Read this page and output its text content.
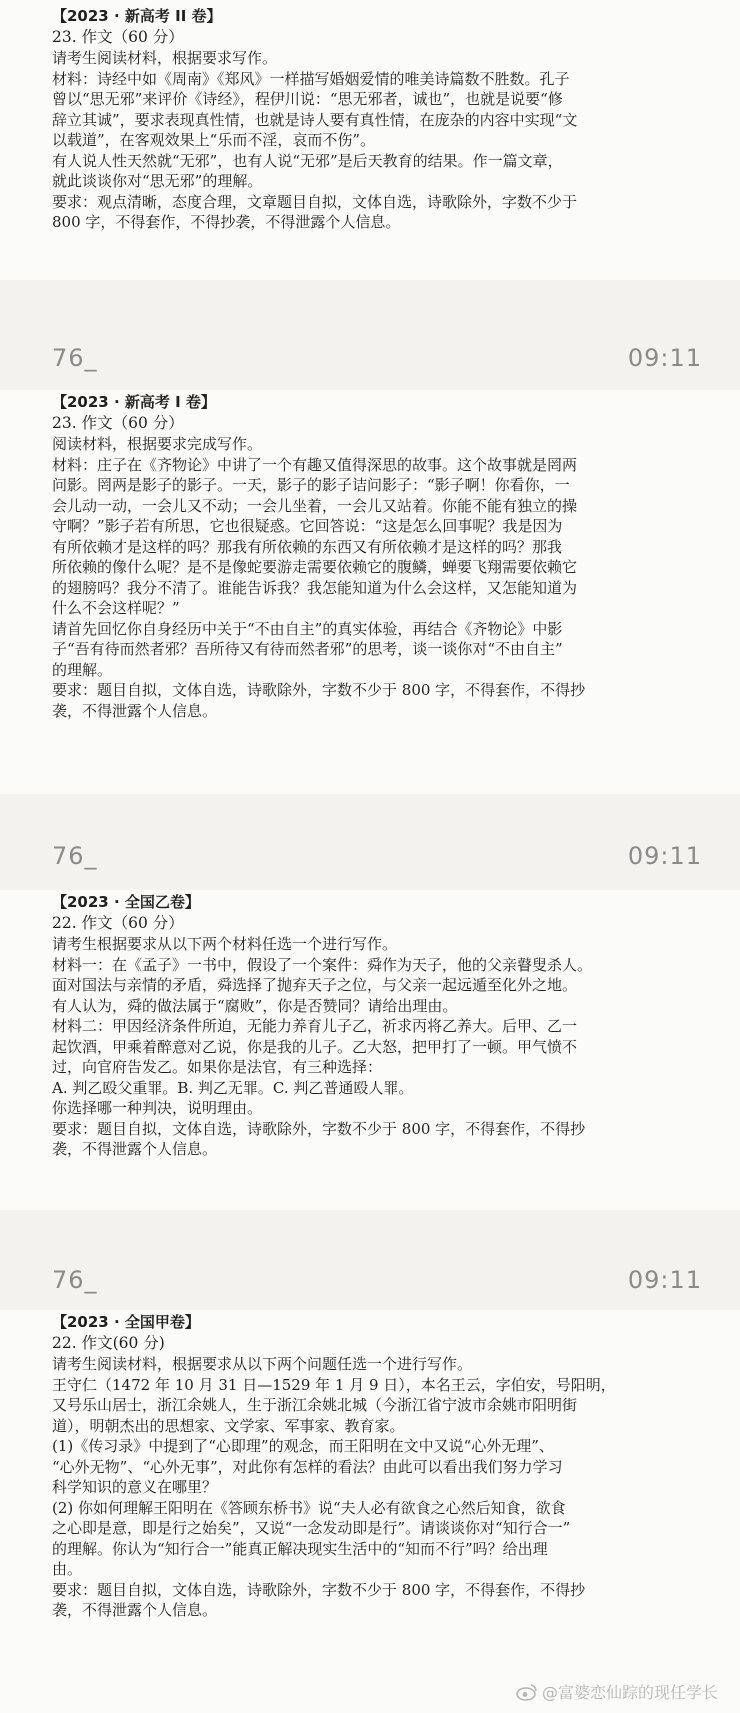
【2023 · 新高考 II 卷】
23. 作文（60 分）
请考生阅读材料，根据要求写作。
材料：诗经中如《周南》《郑风》一样描写婚姻爱情的唯美诗篇数不胜数。孔子
曾以“思无邪”来评价《诗经》，程伊川说：“思无邪者，诚也”，也就是说要“修
辞立其诚”，要求表现真性情，也就是诗人要有真性情，在庞杂的内容中实现“文
以载道”，在客观效果上“乐而不淫，哀而不伤”。
有人说人性天然就“无邪”，也有人说“无邪”是后天教育的结果。作一篇文章，
就此谈谈你对“思无邪”的理解。
要求：观点清晰，态度合理，文章题目自拟，文体自选，诗歌除外，字数不少于
800 字，不得套作，不得抄袭，不得泄露个人信息。
76_	09:11
【2023 · 新高考 I 卷】
23. 作文（60 分）
阅读材料，根据要求完成写作。
材料：庄子在《齐物论》中讲了一个有趣又值得深思的故事。这个故事就是罔两
问影。罔两是影子的影子。一天，影子的影子诘问影子：“影子啊！你看你，一
会儿动一动，一会儿又不动；一会儿坐着，一会儿又站着。你能不能有独立的操
守啊？”影子若有所思，它也很疑惑。它回答说：“这是怎么回事呢？我是因为
有所依赖才是这样的吗？那我有所依赖的东西又有所依赖才是这样的吗？那我
所依赖的像什么呢？是不是像蛇要游走需要依赖它的腹鳞，蝉要飞翔需要依赖它
的翅膀吗？我分不清了。谁能告诉我？我怎能知道为什么会这样，又怎能知道为
什么不会这样呢？”
请首先回忆你自身经历中关于“不由自主”的真实体验，再结合《齐物论》中影
子“吾有待而然者邪？吾所待又有待而然者邪”的思考，谈一谈你对“不由自主”
的理解。
要求：题目自拟，文体自选，诗歌除外，字数不少于 800 字，不得套作，不得抄
袭，不得泄露个人信息。
76_	09:11
【2023 · 全国乙卷】
22. 作文（60 分）
请考生根据要求从以下两个材料任选一个进行写作。
材料一：在《孟子》一书中，假设了一个案件：舜作为天子，他的父亲瞽叟杀人。
面对国法与亲情的矛盾，舜选择了抛弃天子之位，与父亲一起远遁至化外之地。
有人认为，舜的做法属于“腐败”，你是否赞同？请给出理由。
材料二：甲因经济条件所迫，无能力养育儿子乙，祈求丙将乙养大。后甲、乙一
起饮酒，甲乘着醉意对乙说，你是我的儿子。乙大怒，把甲打了一顿。甲气愤不
过，向官府告发乙。如果你是法官，有三种选择：
A. 判乙殴父重罪。B. 判乙无罪。C. 判乙普通殴人罪。
你选择哪一种判决，说明理由。
要求：题目自拟，文体自选，诗歌除外，字数不少于 800 字，不得套作，不得抄
袭，不得泄露个人信息。
76_	09:11
【2023 · 全国甲卷】
22. 作文(60 分)
请考生阅读材料，根据要求从以下两个问题任选一个进行写作。
王守仁（1472 年 10 月 31 日—1529 年 1 月 9 日），本名王云，字伯安，号阳明，
又号乐山居士，浙江余姚人，生于浙江余姚北城（今浙江省宁波市余姚市阳明街
道），明朝杰出的思想家、文学家、军事家、教育家。
(1)《传习录》中提到了“心即理”的观念，而王阳明在文中又说“心外无理”、
“心外无物”、“心外无事”，对此你有怎样的看法？由此可以看出我们努力学习
科学知识的意义在哪里？
(2) 你如何理解王阳明在《答顾东桥书》说“夫人必有欲食之心然后知食，欲食
之心即是意，即是行之始矣”，又说“一念发动即是行”。请谈谈你对“知行合一”
的理解。你认为“知行合一”能真正解决现实生活中的“知而不行”吗？给出理
由。
要求：题目自拟，文体自选，诗歌除外，字数不少于 800 字，不得套作，不得抄
袭，不得泄露个人信息。
@富婆恋仙踪的现任学长
